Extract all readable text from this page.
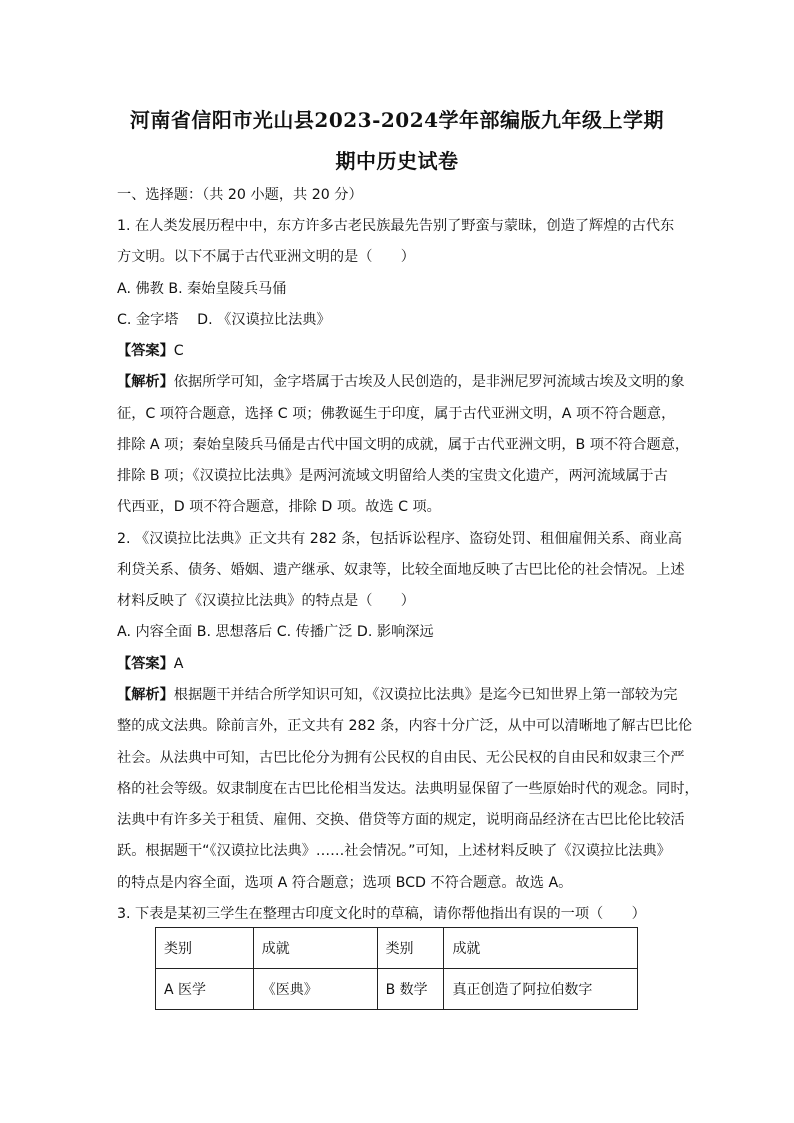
河南省信阳市光山县2023-2024学年部编版九年级上学期
期中历史试卷
一、选择题：（共 20 小题，共 20 分）
1. 在人类发展历程中中，东方许多古老民族最先告别了野蛮与蒙昧，创造了辉煌的古代东
方文明。以下不属于古代亚洲文明的是（　　）
A. 佛教 B. 秦始皇陵兵马俑
C. 金字塔　 D. 《汉谟拉比法典》
【答案】C
【解析】依据所学可知，金字塔属于古埃及人民创造的，是非洲尼罗河流域古埃及文明的象
征，C 项符合题意，选择 C 项；佛教诞生于印度，属于古代亚洲文明，A 项不符合题意，
排除 A 项；秦始皇陵兵马俑是古代中国文明的成就，属于古代亚洲文明，B 项不符合题意，
排除 B 项；《汉谟拉比法典》是两河流域文明留给人类的宝贵文化遗产，两河流域属于古
代西亚，D 项不符合题意，排除 D 项。故选 C 项。
2. 《汉谟拉比法典》正文共有 282 条，包括诉讼程序、盗窃处罚、租佃雇佣关系、商业高
利贷关系、债务、婚姻、遗产继承、奴隶等，比较全面地反映了古巴比伦的社会情况。上述
材料反映了《汉谟拉比法典》的特点是（　　）
A. 内容全面 B. 思想落后 C. 传播广泛 D. 影响深远
【答案】A
【解析】根据题干并结合所学知识可知，《汉谟拉比法典》是迄今已知世界上第一部较为完
整的成文法典。除前言外，正文共有 282 条，内容十分广泛，从中可以清晰地了解古巴比伦
社会。从法典中可知，古巴比伦分为拥有公民权的自由民、无公民权的自由民和奴隶三个严
格的社会等级。奴隶制度在古巴比伦相当发达。法典明显保留了一些原始时代的观念。同时，
法典中有许多关于租赁、雇佣、交换、借贷等方面的规定，说明商品经济在古巴比伦比较活
跃。根据题干“《汉谟拉比法典》……社会情况。”可知，上述材料反映了《汉谟拉比法典》
的特点是内容全面，选项 A 符合题意；选项 BCD 不符合题意。故选 A。
3. 下表是某初三学生在整理古印度文化时的草稿，请你帮他指出有误的一项（　　）
类别	成就	类别	成就
A 医学	《医典》	B 数学	真正创造了阿拉伯数字
